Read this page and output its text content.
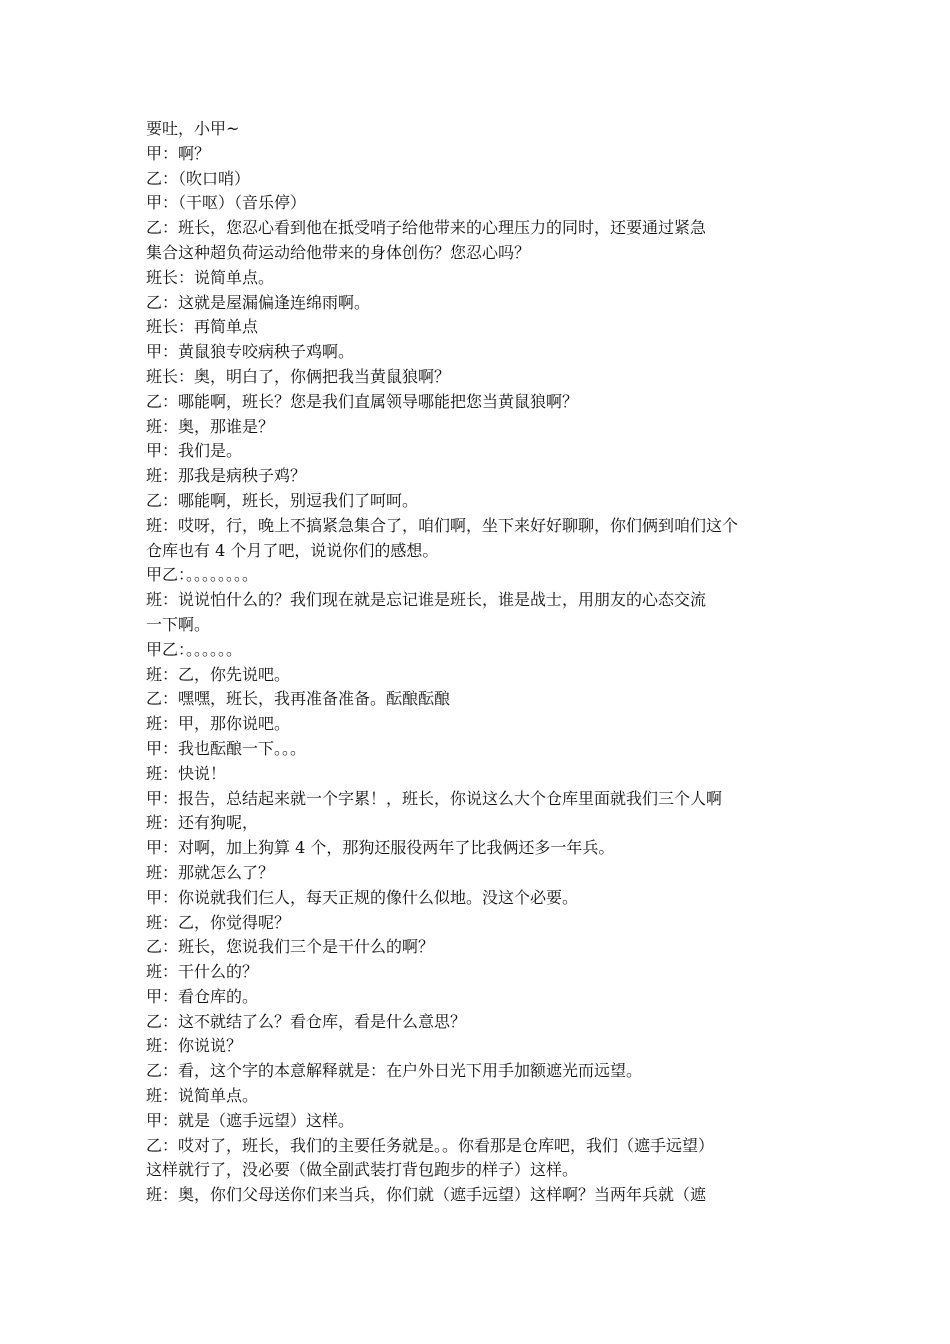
要吐，小甲~
甲：啊？
乙：（吹口哨）
甲：（干呕）（音乐停）
乙：班长，您忍心看到他在抵受哨子给他带来的心理压力的同时，还要通过紧急
集合这种超负荷运动给他带来的身体创伤？您忍心吗？
班长：说简单点。
乙：这就是屋漏偏逢连绵雨啊。
班长：再简单点
甲：黄鼠狼专咬病秧子鸡啊。
班长：奥，明白了，你俩把我当黄鼠狼啊？
乙：哪能啊，班长？您是我们直属领导哪能把您当黄鼠狼啊？
班：奥，那谁是？
甲：我们是。
班：那我是病秧子鸡？
乙：哪能啊，班长，别逗我们了呵呵。
班：哎呀，行，晚上不搞紧急集合了，咱们啊，坐下来好好聊聊，你们俩到咱们这个
仓库也有 4 个月了吧，说说你们的感想。
甲乙：。。。。。。。。
班：说说怕什么的？我们现在就是忘记谁是班长，谁是战士，用朋友的心态交流
一下啊。
甲乙：。。。。。。
班：乙，你先说吧。
乙：嘿嘿，班长，我再准备准备。酝酿酝酿
班：甲，那你说吧。
甲：我也酝酿一下。。。
班：快说！
甲：报告，总结起来就一个字累！，班长，你说这么大个仓库里面就我们三个人啊
班：还有狗呢，
甲：对啊，加上狗算 4 个，那狗还服役两年了比我俩还多一年兵。
班：那就怎么了？
甲：你说就我们仨人，每天正规的像什么似地。没这个必要。
班：乙，你觉得呢？
乙：班长，您说我们三个是干什么的啊？
班：干什么的？
甲：看仓库的。
乙：这不就结了么？看仓库，看是什么意思？
班：你说说？
乙：看，这个字的本意解释就是：在户外日光下用手加额遮光而远望。
班：说简单点。
甲：就是（遮手远望）这样。
乙：哎对了，班长，我们的主要任务就是。。你看那是仓库吧，我们（遮手远望）
这样就行了，没必要（做全副武装打背包跑步的样子）这样。
班：奥，你们父母送你们来当兵，你们就（遮手远望）这样啊？当两年兵就（遮
